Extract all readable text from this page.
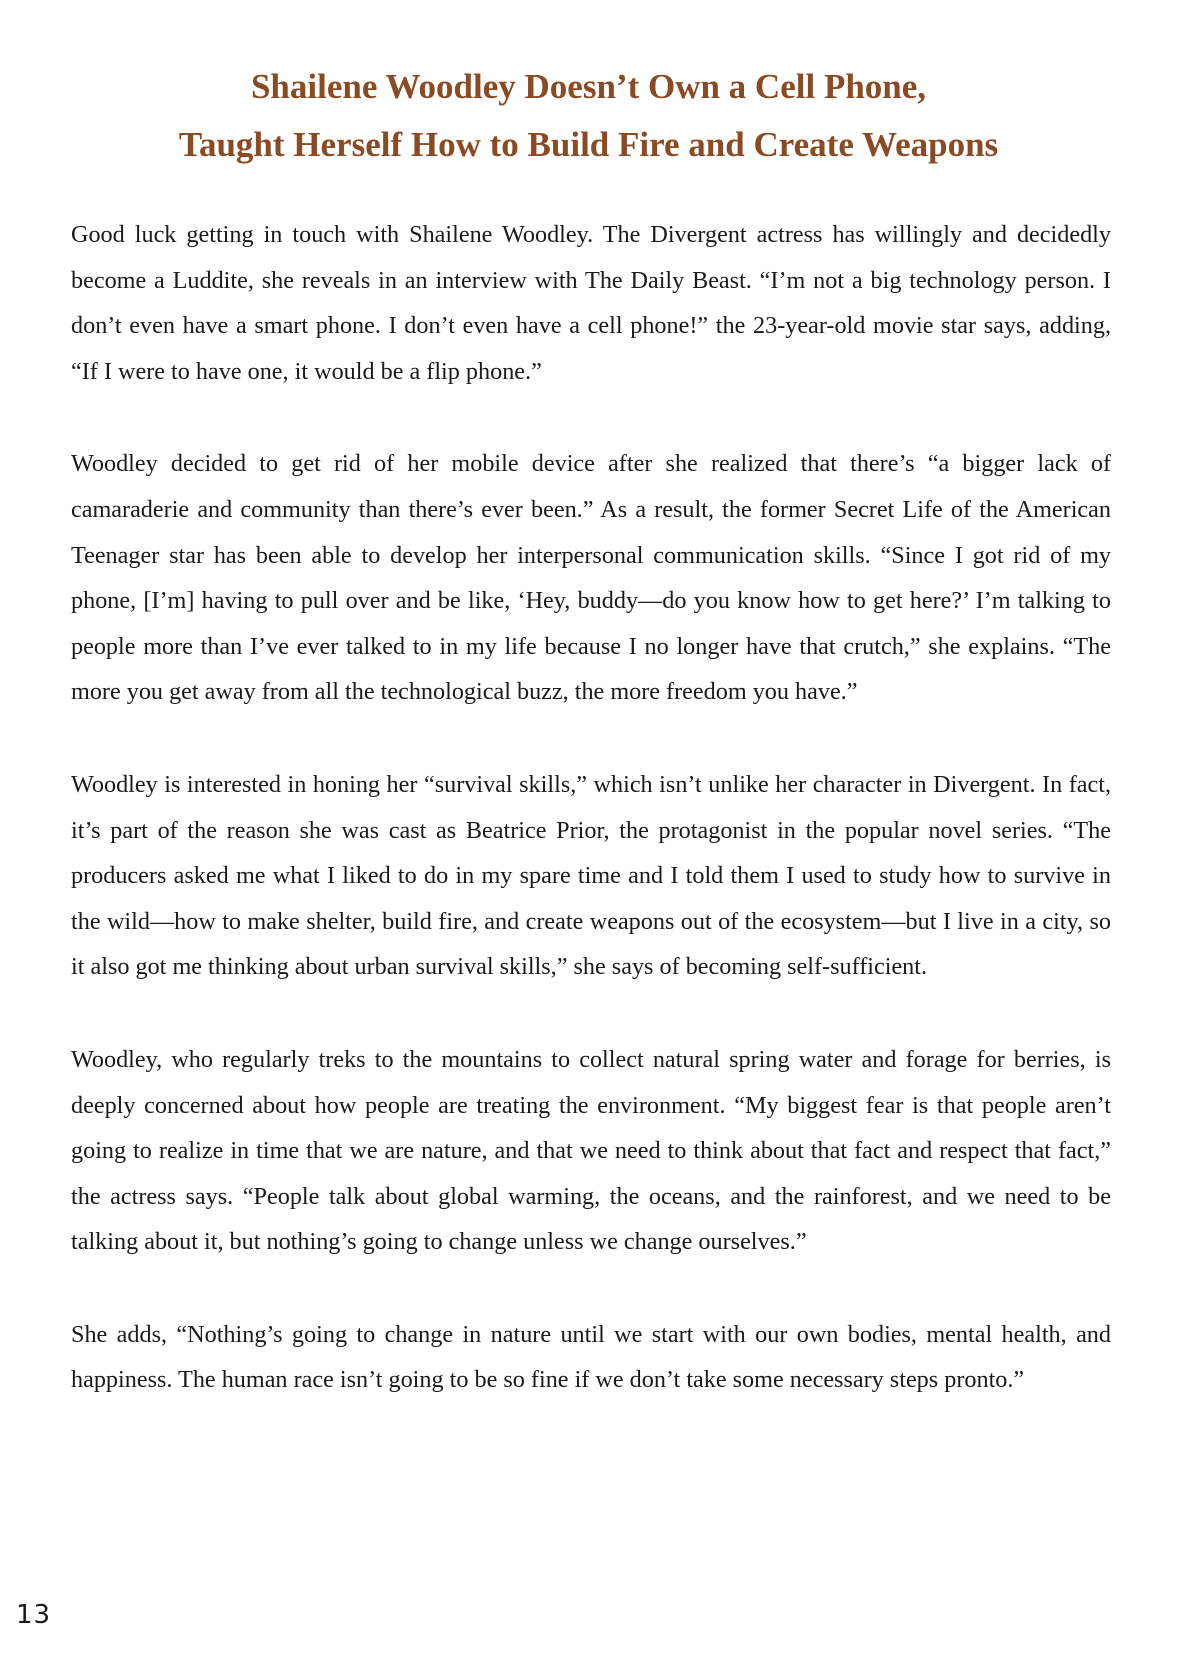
Shailene Woodley Doesn’t Own a Cell Phone,
Taught Herself How to Build Fire and Create Weapons

Good luck getting in touch with Shailene Woodley. The Divergent actress has willingly and decidedly become a Luddite, she reveals in an interview with The Daily Beast. “I’m not a big technology person. I don’t even have a smart phone. I don’t even have a cell phone!” the 23-year-old movie star says, adding, “If I were to have one, it would be a flip phone.”

Woodley decided to get rid of her mobile device after she realized that there’s “a bigger lack of camaraderie and community than there’s ever been.” As a result, the former Secret Life of the American Teenager star has been able to develop her interpersonal communication skills. “Since I got rid of my phone, [I’m] having to pull over and be like, ‘Hey, buddy—do you know how to get here?’ I’m talking to people more than I’ve ever talked to in my life because I no longer have that crutch,” she explains. “The more you get away from all the technological buzz, the more freedom you have.”

Woodley is interested in honing her “survival skills,” which isn’t unlike her character in Divergent. In fact, it’s part of the reason she was cast as Beatrice Prior, the protagonist in the popular novel series. “The producers asked me what I liked to do in my spare time and I told them I used to study how to survive in the wild—how to make shelter, build fire, and create weapons out of the ecosystem—but I live in a city, so it also got me thinking about urban survival skills,” she says of becoming self-sufficient.

Woodley, who regularly treks to the mountains to collect natural spring water and forage for berries, is deeply concerned about how people are treating the environment. “My biggest fear is that people aren’t going to realize in time that we are nature, and that we need to think about that fact and respect that fact,” the actress says. “People talk about global warming, the oceans, and the rainforest, and we need to be talking about it, but nothing’s going to change unless we change ourselves.”

She adds, “Nothing’s going to change in nature until we start with our own bodies, mental health, and happiness. The human race isn’t going to be so fine if we don’t take some necessary steps pronto.”

13
